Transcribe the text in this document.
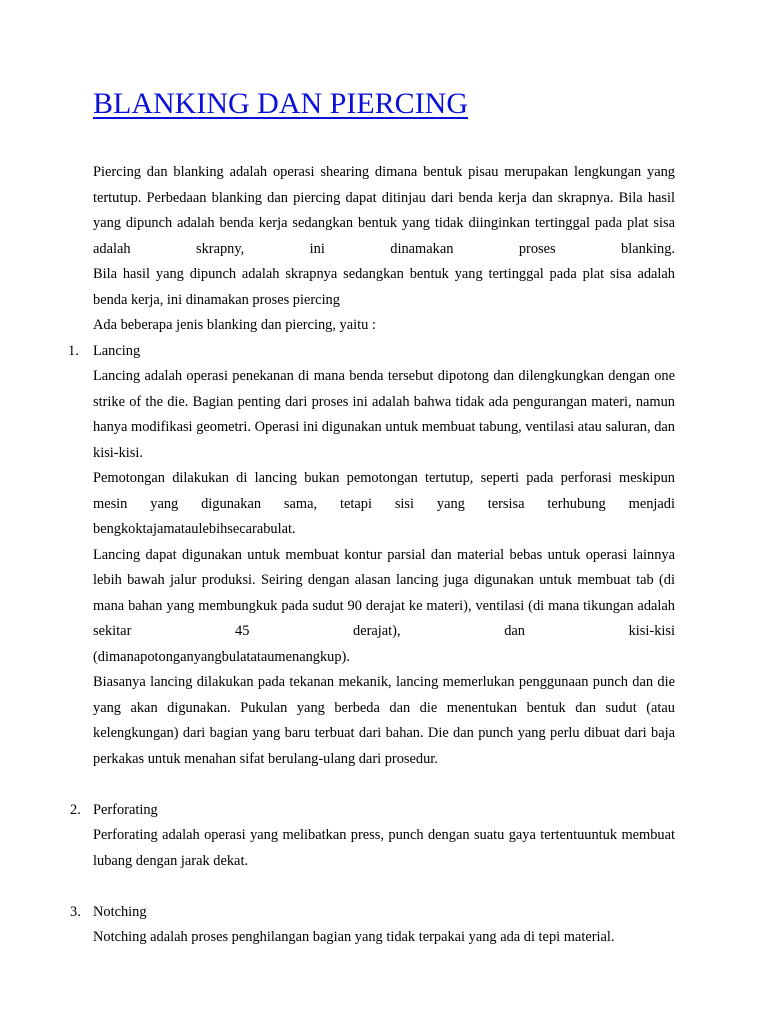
BLANKING DAN PIERCING

Piercing dan blanking adalah operasi shearing dimana bentuk pisau merupakan lengkungan yang tertutup. Perbedaan blanking dan piercing dapat ditinjau dari benda kerja dan skrapnya. Bila hasil yang dipunch adalah benda kerja sedangkan bentuk yang tidak diinginkan tertinggal pada plat sisa adalah skrapny, ini dinamakan proses blanking.

Bila hasil yang dipunch adalah skrapnya sedangkan bentuk yang tertinggal pada plat sisa adalah benda kerja, ini dinamakan proses piercing

Ada beberapa jenis blanking dan piercing, yaitu :

1. Lancing

Lancing adalah operasi penekanan di mana benda tersebut dipotong dan dilengkungkan dengan one strike of the die. Bagian penting dari proses ini adalah bahwa tidak ada pengurangan materi, namun hanya modifikasi geometri. Operasi ini digunakan untuk membuat tabung, ventilasi atau saluran, dan kisi-kisi.

Pemotongan dilakukan di lancing bukan pemotongan tertutup, seperti pada perforasi meskipun mesin yang digunakan sama, tetapi sisi yang tersisa terhubung menjadi bengkoktajamataulebihsecarabulat.

Lancing dapat digunakan untuk membuat kontur parsial dan material bebas untuk operasi lainnya lebih bawah jalur produksi. Seiring dengan alasan lancing juga digunakan untuk membuat tab (di mana bahan yang membungkuk pada sudut 90 derajat ke materi), ventilasi (di mana tikungan adalah sekitar 45 derajat), dan kisi-kisi

(dimanapotonganyangbulatataumenangkup).

Biasanya lancing dilakukan pada tekanan mekanik, lancing memerlukan penggunaan punch dan die yang akan digunakan. Pukulan yang berbeda dan die menentukan bentuk dan sudut (atau kelengkungan) dari bagian yang baru terbuat dari bahan. Die dan punch yang perlu dibuat dari baja perkakas untuk menahan sifat berulang-ulang dari prosedur.

2. Perforating

Perforating adalah operasi yang melibatkan press, punch dengan suatu gaya tertentuuntuk membuat lubang dengan jarak dekat.

3. Notching

Notching adalah proses penghilangan bagian yang tidak terpakai yang ada di tepi material.
